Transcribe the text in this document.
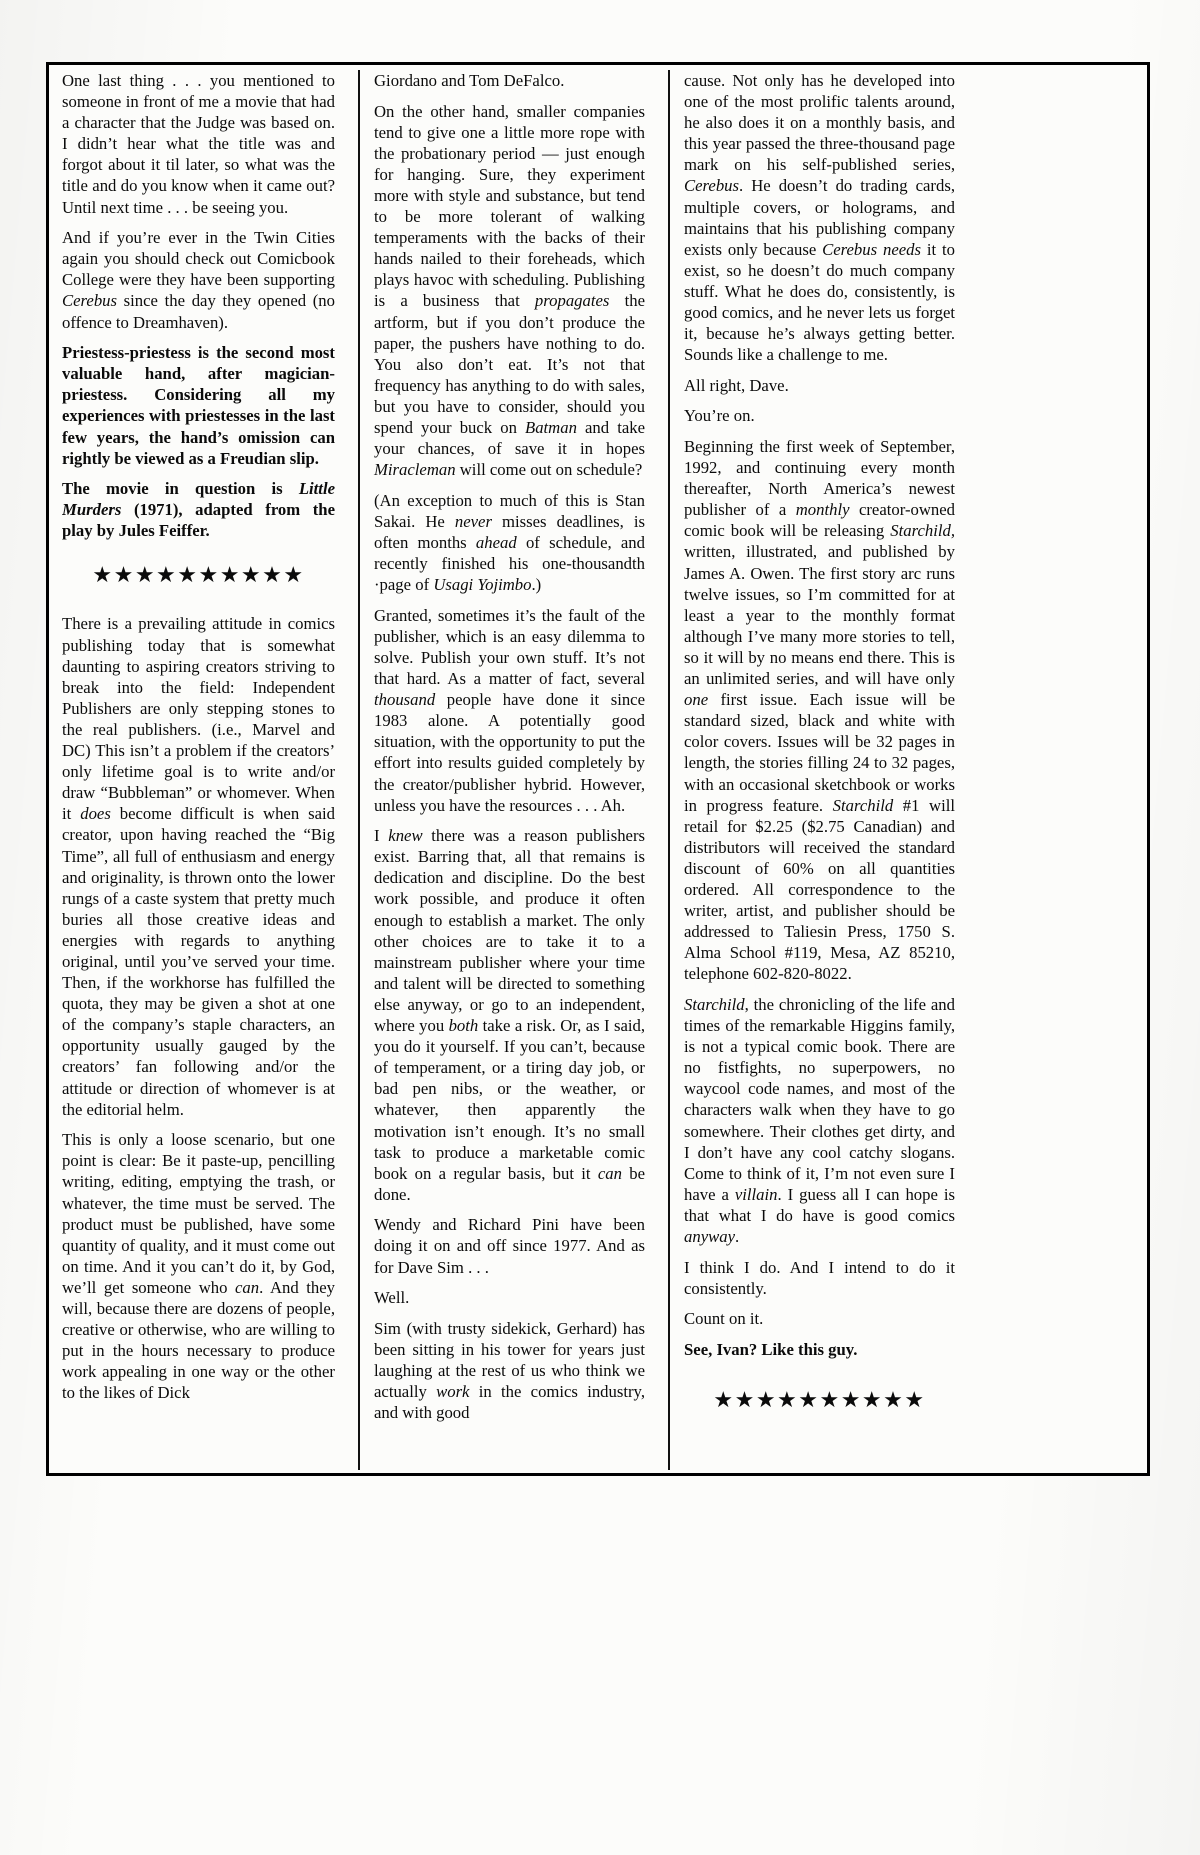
One last thing . . . you mentioned to someone in front of me a movie that had a character that the Judge was based on. I didn’t hear what the title was and forgot about it til later, so what was the title and do you know when it came out? Until next time . . . be seeing you.

And if you’re ever in the Twin Cities again you should check out Comicbook College were they have been supporting Cerebus since the day they opened (no offence to Dreamhaven).

Priestess-priestess is the second most valuable hand, after magician-priestess. Considering all my experiences with priestesses in the last few years, the hand’s omission can rightly be viewed as a Freudian slip.

The movie in question is Little Murders (1971), adapted from the play by Jules Feiffer.

★★★★★★★★★★

There is a prevailing attitude in comics publishing today that is somewhat daunting to aspiring creators striving to break into the field: Independent Publishers are only stepping stones to the real publishers. (i.e., Marvel and DC) This isn’t a problem if the creators’ only lifetime goal is to write and/or draw “Bubbleman” or whomever. When it does become difficult is when said creator, upon having reached the “Big Time”, all full of enthusiasm and energy and originality, is thrown onto the lower rungs of a caste system that pretty much buries all those creative ideas and energies with regards to anything original, until you’ve served your time. Then, if the workhorse has fulfilled the quota, they may be given a shot at one of the company’s staple characters, an opportunity usually gauged by the creators’ fan following and/or the attitude or direction of whomever is at the editorial helm.

This is only a loose scenario, but one point is clear: Be it paste-up, pencilling writing, editing, emptying the trash, or whatever, the time must be served. The product must be published, have some quantity of quality, and it must come out on time. And it you can’t do it, by God, we’ll get someone who can. And they will, because there are dozens of people, creative or otherwise, who are willing to put in the hours necessary to produce work appealing in one way or the other to the likes of Dick

Giordano and Tom DeFalco.

On the other hand, smaller companies tend to give one a little more rope with the probationary period — just enough for hanging. Sure, they experiment more with style and substance, but tend to be more tolerant of walking temperaments with the backs of their hands nailed to their foreheads, which plays havoc with scheduling. Publishing is a business that propagates the artform, but if you don’t produce the paper, the pushers have nothing to do. You also don’t eat. It’s not that frequency has anything to do with sales, but you have to consider, should you spend your buck on Batman and take your chances, of save it in hopes Miracleman will come out on schedule?

(An exception to much of this is Stan Sakai. He never misses deadlines, is often months ahead of schedule, and recently finished his one-thousandth ·page of Usagi Yojimbo.)

Granted, sometimes it’s the fault of the publisher, which is an easy dilemma to solve. Publish your own stuff. It’s not that hard. As a matter of fact, several thousand people have done it since 1983 alone. A potentially good situation, with the opportunity to put the effort into results guided completely by the creator/publisher hybrid. However, unless you have the resources . . . Ah.

I knew there was a reason publishers exist. Barring that, all that remains is dedication and discipline. Do the best work possible, and produce it often enough to establish a market. The only other choices are to take it to a mainstream publisher where your time and talent will be directed to something else anyway, or go to an independent, where you both take a risk. Or, as I said, you do it yourself. If you can’t, because of temperament, or a tiring day job, or bad pen nibs, or the weather, or whatever, then apparently the motivation isn’t enough. It’s no small task to produce a marketable comic book on a regular basis, but it can be done.

Wendy and Richard Pini have been doing it on and off since 1977. And as for Dave Sim . . .

Well.

Sim (with trusty sidekick, Gerhard) has been sitting in his tower for years just laughing at the rest of us who think we actually work in the comics industry, and with good

cause. Not only has he developed into one of the most prolific talents around, he also does it on a monthly basis, and this year passed the three-thousand page mark on his self-published series, Cerebus. He doesn’t do trading cards, multiple covers, or holograms, and maintains that his publishing company exists only because Cerebus needs it to exist, so he doesn’t do much company stuff. What he does do, consistently, is good comics, and he never lets us forget it, because he’s always getting better. Sounds like a challenge to me.

All right, Dave.

You’re on.

Beginning the first week of September, 1992, and continuing every month thereafter, North America’s newest publisher of a monthly creator-owned comic book will be releasing Starchild, written, illustrated, and published by James A. Owen. The first story arc runs twelve issues, so I’m committed for at least a year to the monthly format although I’ve many more stories to tell, so it will by no means end there. This is an unlimited series, and will have only one first issue. Each issue will be standard sized, black and white with color covers. Issues will be 32 pages in length, the stories filling 24 to 32 pages, with an occasional sketchbook or works in progress feature. Starchild #1 will retail for $2.25 ($2.75 Canadian) and distributors will received the standard discount of 60% on all quantities ordered. All correspondence to the writer, artist, and publisher should be addressed to Taliesin Press, 1750 S. Alma School #119, Mesa, AZ 85210, telephone 602-820-8022.

Starchild, the chronicling of the life and times of the remarkable Higgins family, is not a typical comic book. There are no fistfights, no superpowers, no waycool code names, and most of the characters walk when they have to go somewhere. Their clothes get dirty, and I don’t have any cool catchy slogans. Come to think of it, I’m not even sure I have a villain. I guess all I can hope is that what I do have is good comics anyway.

I think I do. And I intend to do it consistently.

Count on it.

See, Ivan? Like this guy.

★★★★★★★★★★
